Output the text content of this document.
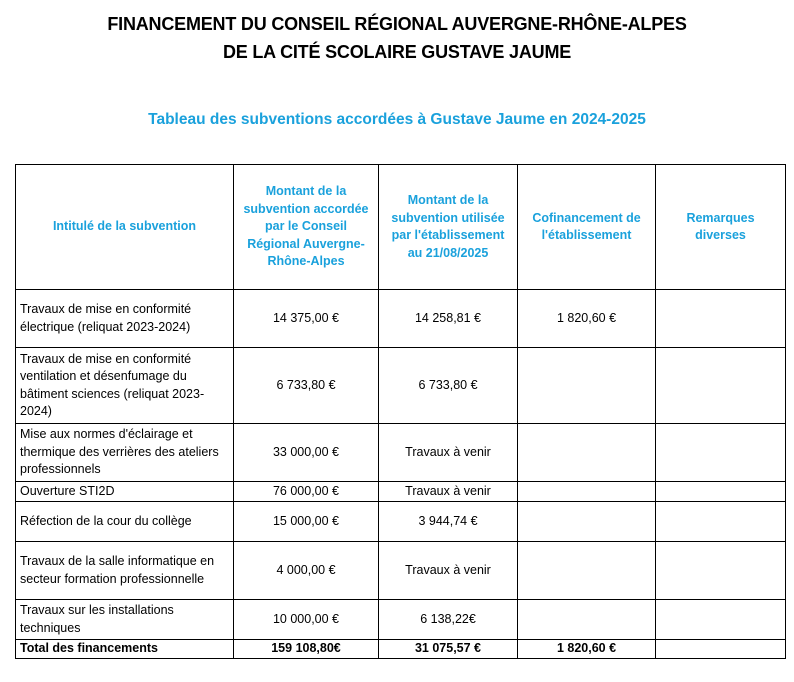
FINANCEMENT DU CONSEIL RÉGIONAL AUVERGNE-RHÔNE-ALPES
DE LA CITÉ SCOLAIRE GUSTAVE JAUME
Tableau des subventions accordées à Gustave Jaume en 2024-2025
Intitulé de la subvention	Montant de la subvention accordée par le Conseil Régional Auvergne-Rhône-Alpes	Montant de la subvention utilisée par l'établissement au 21/08/2025	Cofinancement de l'établissement	Remarques diverses
Travaux de mise en conformité électrique (reliquat 2023-2024)	14 375,00 €	14 258,81 €	1 820,60 €	
Travaux de mise en conformité ventilation et désenfumage du bâtiment sciences (reliquat 2023-2024)	6 733,80 €	6 733,80 €		
Mise aux normes d'éclairage et thermique des verrières des ateliers professionnels	33 000,00 €	Travaux à venir		
Ouverture STI2D	76 000,00 €	Travaux à venir		
Réfection de la cour du collège	15 000,00 €	3 944,74 €		
Travaux de la salle informatique en secteur formation professionnelle	4 000,00 €	Travaux à venir		
Travaux sur les installations techniques	10 000,00 €	6 138,22€		
Total des financements	159 108,80€	31 075,57 €	1 820,60 €	
